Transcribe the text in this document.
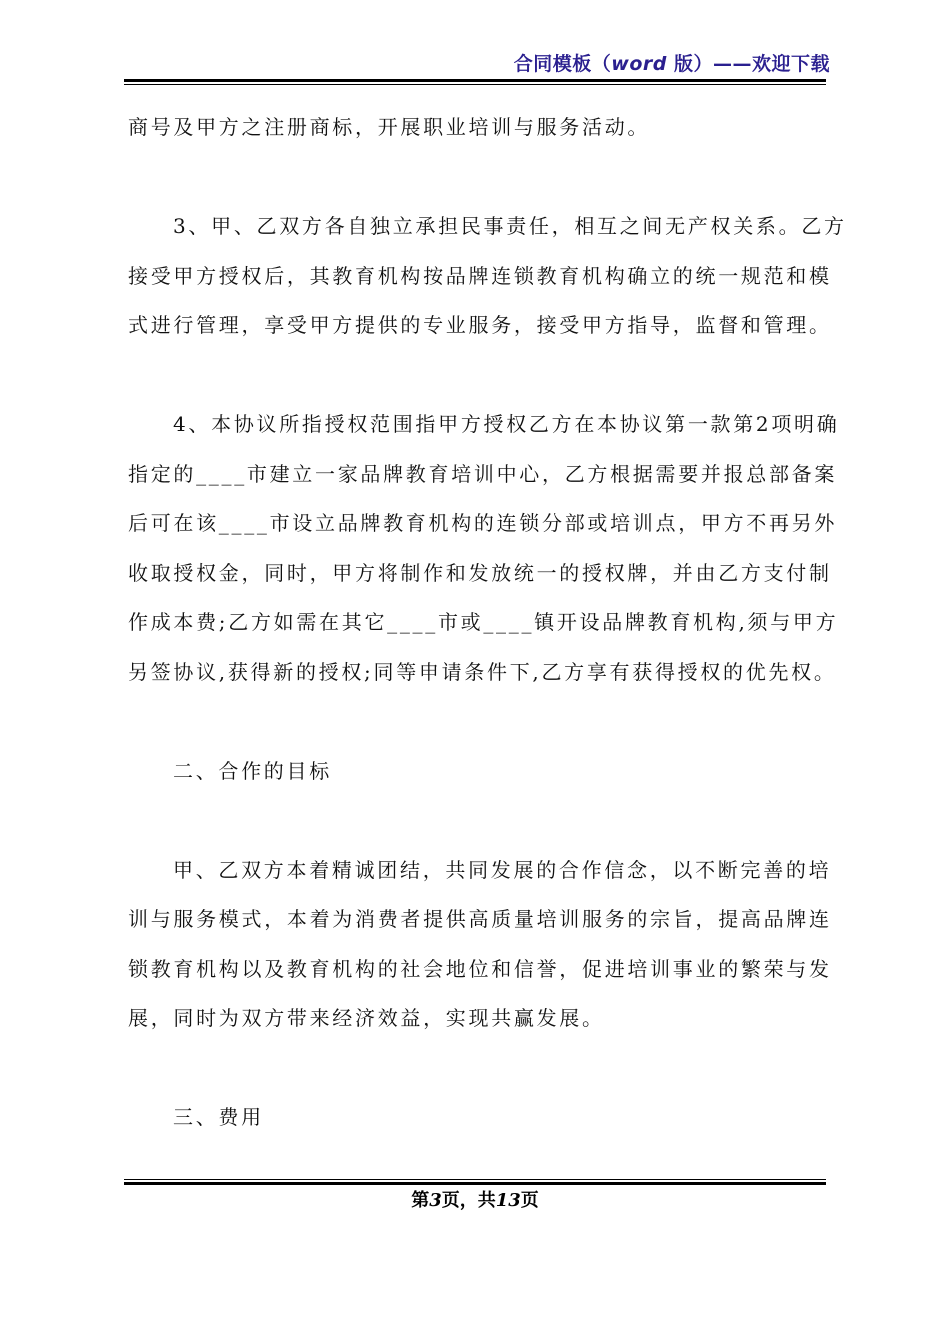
合同模板（word 版）——欢迎下载
商号及甲方之注册商标，开展职业培训与服务活动。
3、甲、乙双方各自独立承担民事责任，相互之间无产权关系。乙方
接受甲方授权后，其教育机构按品牌连锁教育机构确立的统一规范和模
式进行管理，享受甲方提供的专业服务，接受甲方指导，监督和管理。
4、本协议所指授权范围指甲方授权乙方在本协议第一款第2项明确
指定的____市建立一家品牌教育培训中心，乙方根据需要并报总部备案
后可在该____市设立品牌教育机构的连锁分部或培训点，甲方不再另外
收取授权金，同时，甲方将制作和发放统一的授权牌，并由乙方支付制
作成本费;乙方如需在其它____市或____镇开设品牌教育机构,须与甲方
另签协议,获得新的授权;同等申请条件下,乙方享有获得授权的优先权。
二、合作的目标
甲、乙双方本着精诚团结，共同发展的合作信念，以不断完善的培
训与服务模式，本着为消费者提供高质量培训服务的宗旨，提高品牌连
锁教育机构以及教育机构的社会地位和信誉，促进培训事业的繁荣与发
展，同时为双方带来经济效益，实现共赢发展。
三、费用
第3页，共13页
